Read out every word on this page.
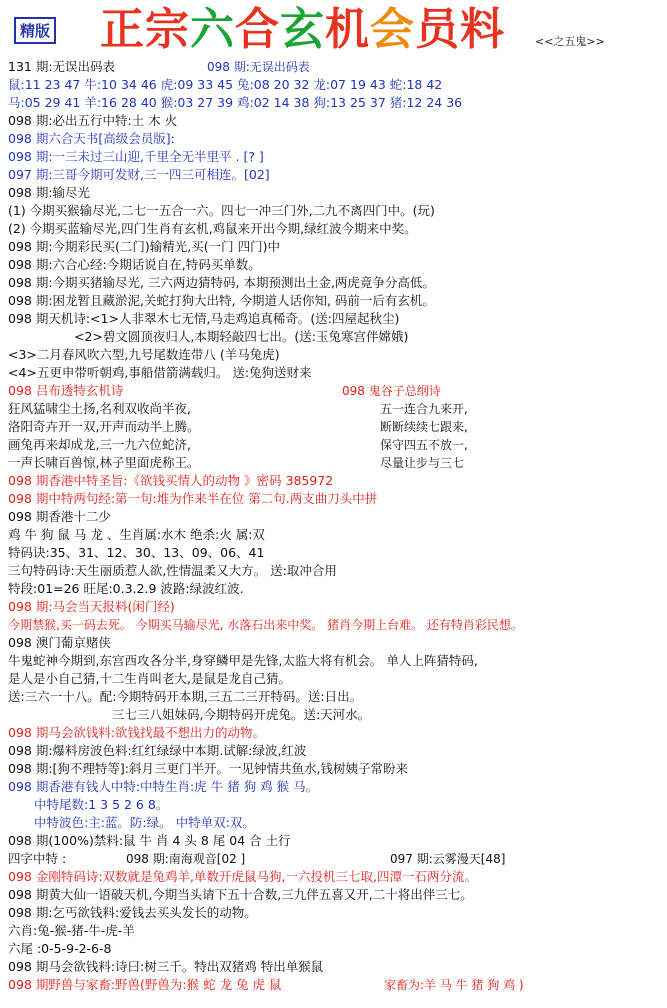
精版 正宗六合玄机会员料	<<之五鬼>>
131 期:无误出码表	098 期:无误出码表
鼠:11 23 47 牛:10 34 46 虎:09 33 45 兔:08 20 32 龙:07 19 43 蛇:18 42
马:05 29 41 羊:16 28 40 猴:03 27 39 鸡:02 14 38 狗:13 25 37 猪:12 24 36
098 期:必出五行中特:土 木 火
098 期六合天书[高级会员版]:
098 期:一三未过三山迎,千里全无半里平 . [? ]
097 期:三哥今期可发财,三一四三可相连。[02]
098 期:输尽光
(1) 今期买猴输尽光,二七一五合一六。四七一冲三门外,二九不离四门中。(玩)
(2) 今期买蓝输尽光,四门生肖有玄机,鸡鼠来开出今期,绿红波今期来中奖。
098 期:今期彩民买(二门)输精光,买(一门 四门)中
098 期:六合心经:今期话说自在,特码买单数。
098 期:今期买猪输尽光, 三六两边猜特码, 本期预测出土金,两虎竟争分高低。
098 期:困龙暂且藏淤泥,关蛇打狗大出特, 今期道人话你知, 码前一后有玄机。
098 期天机诗:<1>人非翠木七无情,马走鸡追真稀奇。(送:四屋起秋尘)
<2>碧文圆顶夜归人,本期轻敲四七出。(送:玉兔寒宫伴嫦娥)
<3>二月春风吹六型,九号尾数连带八 (羊马兔虎)
<4>五更申带听朝鸡,事船借箭满载归。 送:兔狗送财来
098 吕布透特玄机诗	098 鬼谷子总纲诗
狂风猛啸尘土扬,名利双收尚半夜,	五一连合九来开,
洛阳奇卉开一双,开声而动半上腾。	断断续续七跟来,
画兔再来却成龙,三一九六位蛇济,	保守四五不放一,
一声长啸百兽惊,林子里面虎称王。	尽量让步与三七
098 期香港中特圣旨:《欲钱买情人的动物 》密码 385972
098 期中特两句经:第一句:堆为作来半在位 第二句.两支曲刀头中拼
098 期香港十二少
鸡 牛 狗 鼠 马 龙 、生肖属:水木 绝杀:火 属:双
特码诀:35、31、12、30、13、09、06、41
三句特码诗:天生丽质惹人欲,性情温柔又大方。 送:取冲合用
特段:01=26 旺尾:0.3.2.9 波路:绿波红波.
098 期:马会当天报料(闲门经)
今期禁猴,买一码去死。 今期买马输尽光, 水落石出来中奖。 猪肖今期上台难。 还有特肖彩民想。
098 澳门葡京赌侠
牛鬼蛇神今期到,东宫西攻各分半,身穿鳞甲是先锋,太监大将有机会。 单人上阵猜特码,
是人是小自己猜,十二生肖叫老大,是鼠是龙自己猜。
送:三六一十八。配:今期特码开本期,三五二三开特码。送:日出。
三七三八姐妹码,今期特码开虎兔。送:天河水。
098 期马会欲钱料:欲钱找最不想出力的动物。
098 期:爆料房波色料:红红绿绿中本期.试解:绿波,红波
098 期:[狗不理特等]:斜月三更门半开。一见钟情共鱼水,钱树姨子常盼来
098 期香港有钱人中特:中特生肖:虎 牛 猪 狗 鸡 猴 马。
中特尾数:1 3 5 2 6 8。
中特波色:主:蓝。防:绿。 中特单双:双。
098 期(100%)禁料:鼠 牛 肖 4 头 8 尾 04 合 土行
四字中特 :	098 期:南海观音[02 ]	097 期:云雾漫天[48]
098 金刚特码诗:双数就是兔鸡羊,单数开虎鼠马狗,一六投机三七取,四潭一石两分流。
098 期黄大仙一语破天机,今期当头请下五十合数,三九伴五喜又开,二十将出伴三七。
098 期:乞丐欲钱料:爱钱去买头发长的动物。
六肖:兔-猴-猪-牛-虎-羊
六尾 :0-5-9-2-6-8
098 期马会欲钱料:诗曰:树三千。特出双猪鸡 特出单猴鼠
098 期野兽与家畜:野兽(野兽为:猴 蛇 龙 兔 虎 鼠	家畜为:羊 马 牛 猪 狗 鸡 )
